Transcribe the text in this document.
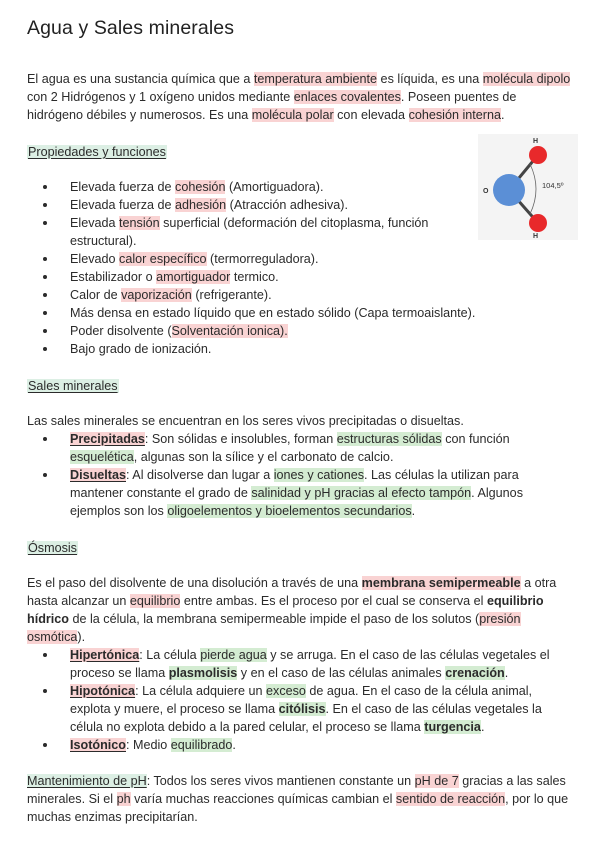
Agua y Sales minerales

El agua es una sustancia química que a temperatura ambiente es líquida, es una molécula dipolo con 2 Hidrógenos y 1 oxígeno unidos mediante enlaces covalentes. Poseen puentes de hidrógeno débiles y numerosos. Es una molécula polar con elevada cohesión interna.

Propiedades y funciones

H
O
H
104,5º
Elevada fuerza de cohesión (Amortiguadora).
Elevada fuerza de adhesión (Atracción adhesiva).
Elevada tensión superficial (deformación del citoplasma, función estructural).
Elevado calor específico (termorreguladora).
Estabilizador o amortiguador termico.
Calor de vaporización (refrigerante).
Más densa en estado líquido que en estado sólido (Capa termoaislante).
Poder disolvente (Solventación ionica).
Bajo grado de ionización.

Sales minerales

Las sales minerales se encuentran en los seres vivos precipitadas o disueltas.

Precipitadas: Son sólidas e insolubles, forman estructuras sólidas con función esquelética, algunas son la sílice y el carbonato de calcio.
Disueltas: Al disolverse dan lugar a iones y cationes. Las células la utilizan para mantener constante el grado de salinidad y pH gracias al efecto tampón. Algunos ejemplos son los oligoelementos y bioelementos secundarios.

Ósmosis

Es el paso del disolvente de una disolución a través de una membrana semipermeable a otra hasta alcanzar un equilibrio entre ambas. Es el proceso por el cual se conserva el equilibrio hídrico de la célula, la membrana semipermeable impide el paso de los solutos (presión osmótica).

Hipertónica: La célula pierde agua y se arruga. En el caso de las células vegetales el proceso se llama plasmolisis y en el caso de las células animales crenación.
Hipotónica: La célula adquiere un exceso de agua. En el caso de la célula animal, explota y muere, el proceso se llama citólisis. En el caso de las células vegetales la célula no explota debido a la pared celular, el proceso se llama turgencia.
Isotónico: Medio equilibrado.

Mantenimiento de pH: Todos los seres vivos mantienen constante un pH de 7 gracias a las sales minerales. Si el ph varía muchas reacciones químicas cambian el sentido de reacción, por lo que muchas enzimas precipitarían.
